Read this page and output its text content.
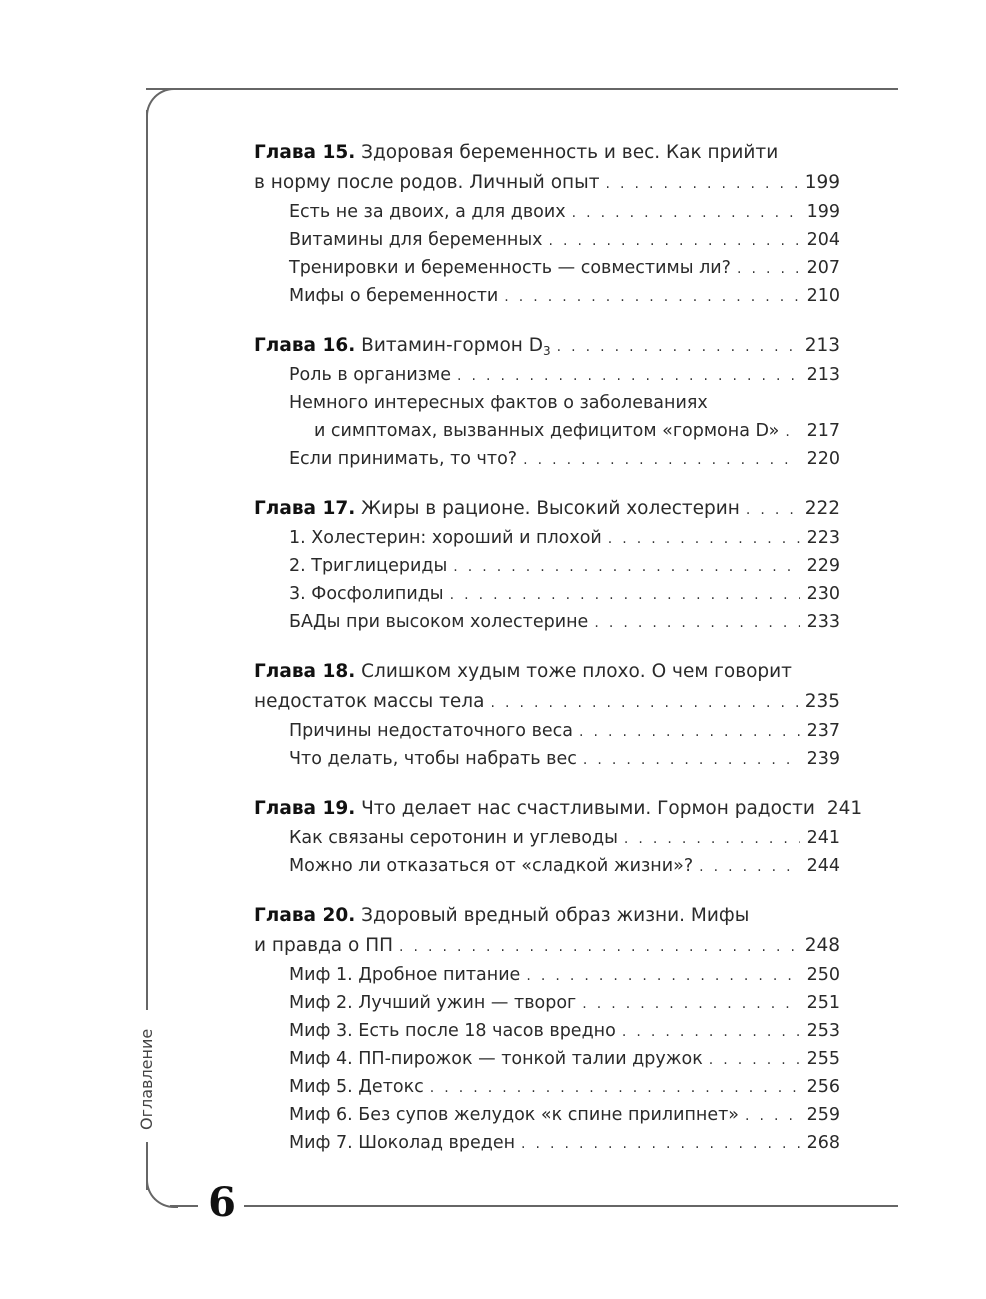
6
Оглавление
Глава 15. Здоровая беременность и вес. Как прийти
в норму после родов. Личный опыт . . .	199
Есть не за двоих, а для двоих . . .	199
Витамины для беременных . . .	204
Тренировки и беременность — совместимы ли? . . .	207
Мифы о беременности . . .	210
Глава 16. Витамин-гормон $D_3$ . . .	213
Роль в организме . . .	213
Немного интересных фактов о заболеваниях
и симптомах, вызванных дефицитом «гормона D» . . . 217
Если принимать, то что? . . .	220
Глава 17. Жиры в рационе. Высокий холестерин . . .	222
1. Холестерин: хороший и плохой . . .	223
2. Триглицериды . . .	229
3. Фосфолипиды . . .	230
БАДы при высоком холестерине . . .	233
Глава 18. Слишком худым тоже плохо. О чем говорит
недостаток массы тела . . .	235
Причины недостаточного веса . . .	237
Что делать, чтобы набрать вес . . .	239
Глава 19. Что делает нас счастливыми. Гормон радости 241
Как связаны серотонин и углеводы . . .	241
Можно ли отказаться от «сладкой жизни»? . . .	244
Глава 20. Здоровый вредный образ жизни. Мифы
и правда о ПП . . .	248
Миф 1. Дробное питание . . .	250
Миф 2. Лучший ужин — творог . . .	251
Миф 3. Есть после 18 часов вредно . . .	253
Миф 4. ПП-пирожок — тонкой талии дружок . . .	255
Миф 5. Детокс . . .	256
Миф 6. Без супов желудок «к спине прилипнет» . . .	259
Миф 7. Шоколад вреден . . .	268
